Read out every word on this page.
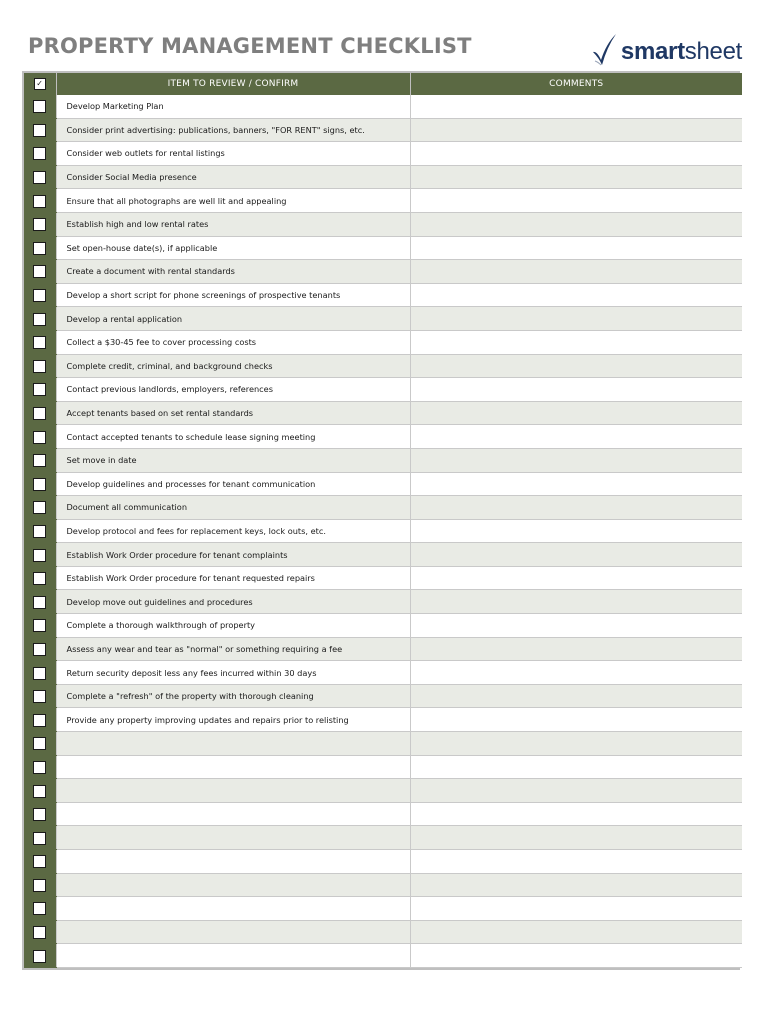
PROPERTY MANAGEMENT CHECKLIST	smartsheet
✓	ITEM TO REVIEW / CONFIRM	COMMENTS
	Develop Marketing Plan	
	Consider print advertising: publications, banners, "FOR RENT" signs, etc.	
	Consider web outlets for rental listings	
	Consider Social Media presence	
	Ensure that all photographs are well lit and appealing	
	Establish high and low rental rates	
	Set open-house date(s), if applicable	
	Create a document with rental standards	
	Develop a short script for phone screenings of prospective tenants	
	Develop a rental application	
	Collect a $30-45 fee to cover processing costs	
	Complete credit, criminal, and background checks	
	Contact previous landlords, employers, references	
	Accept tenants based on set rental standards	
	Contact accepted tenants to schedule lease signing meeting	
	Set move in date	
	Develop guidelines and processes for tenant communication	
	Document all communication	
	Develop protocol and fees for replacement keys, lock outs, etc.	
	Establish Work Order procedure for tenant complaints	
	Establish Work Order procedure for tenant requested repairs	
	Develop move out guidelines and procedures	
	Complete a thorough walkthrough of property	
	Assess any wear and tear as "normal" or something requiring a fee	
	Return security deposit less any fees incurred within 30 days	
	Complete a "refresh" of the property with thorough cleaning	
	Provide any property improving updates and repairs prior to relisting	
